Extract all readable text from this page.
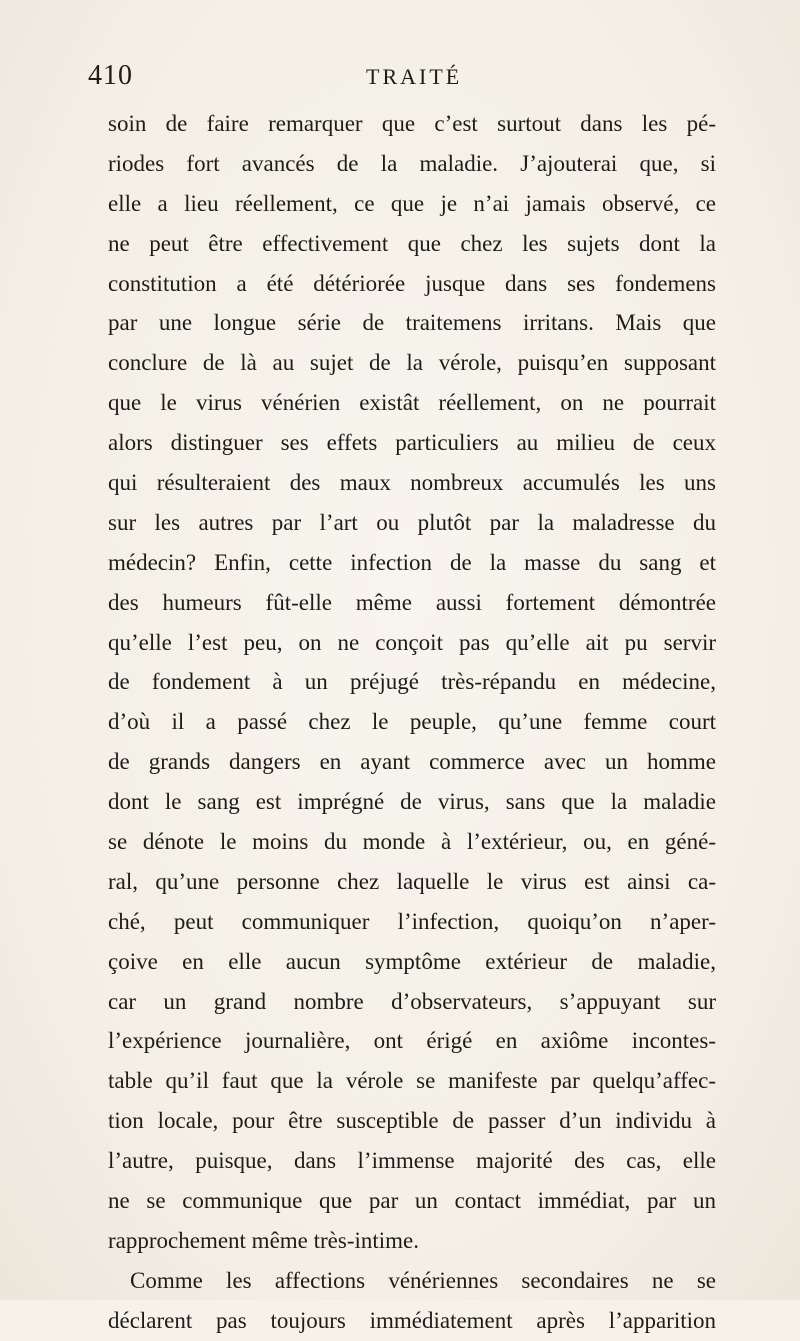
410	TRAITÉ
soin de faire remarquer que c’est surtout dans les pé-
riodes fort avancés de la maladie. J’ajouterai que, si
elle a lieu réellement, ce que je n’ai jamais observé, ce
ne peut être effectivement que chez les sujets dont la
constitution a été détériorée jusque dans ses fondemens
par une longue série de traitemens irritans. Mais que
conclure de là au sujet de la vérole, puisqu’en supposant
que le virus vénérien existât réellement, on ne pourrait
alors distinguer ses effets particuliers au milieu de ceux
qui résulteraient des maux nombreux accumulés les uns
sur les autres par l’art ou plutôt par la maladresse du
médecin? Enfin, cette infection de la masse du sang et
des humeurs fût-elle même aussi fortement démontrée
qu’elle l’est peu, on ne conçoit pas qu’elle ait pu servir
de fondement à un préjugé très-répandu en médecine,
d’où il a passé chez le peuple, qu’une femme court
de grands dangers en ayant commerce avec un homme
dont le sang est imprégné de virus, sans que la maladie
se dénote le moins du monde à l’extérieur, ou, en géné-
ral, qu’une personne chez laquelle le virus est ainsi ca-
ché, peut communiquer l’infection, quoiqu’on n’aper-
çoive en elle aucun symptôme extérieur de maladie,
car un grand nombre d’observateurs, s’appuyant sur
l’expérience journalière, ont érigé en axiôme incontes-
table qu’il faut que la vérole se manifeste par quelqu’affec-
tion locale, pour être susceptible de passer d’un individu à
l’autre, puisque, dans l’immense majorité des cas, elle
ne se communique que par un contact immédiat, par un
rapprochement même très-intime.
Comme les affections vénériennes secondaires ne se
déclarent pas toujours immédiatement après l’apparition
